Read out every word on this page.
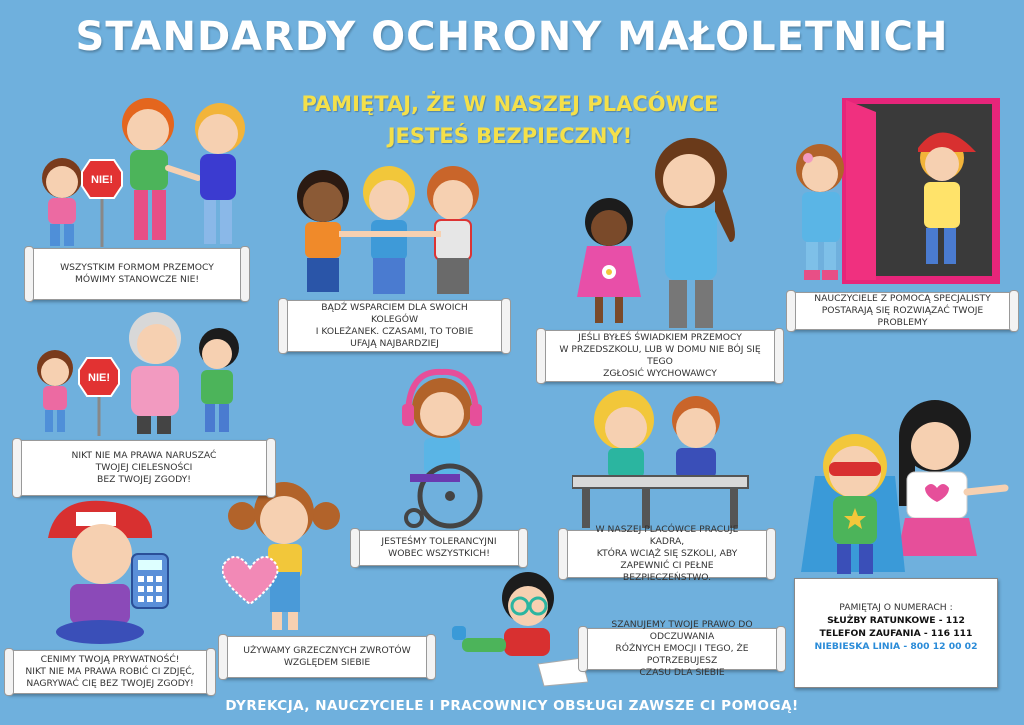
STANDARDY OCHRONY MAŁOLETNICH
PAMIĘTAJ, ŻE W NASZEJ PLACÓWCE
JESTEŚ BEZPIECZNY!
NIE!
NIE!
WSZYSTKIM FORMOM PRZEMOCY
MÓWIMY STANOWCZE NIE!
BĄDŹ WSPARCIEM DLA SWOICH KOLEGÓW
I KOLEŻANEK. CZASAMI, TO TOBIE
UFAJĄ NAJBARDZIEJ
JEŚLI BYŁEŚ ŚWIADKIEM PRZEMOCY
W PRZEDSZKOLU, LUB W DOMU NIE BÓJ SIĘ TEGO
ZGŁOSIĆ WYCHOWAWCY
NAUCZYCIELE Z POMOCĄ SPECJALISTY
POSTARAJĄ SIĘ ROZWIĄZAĆ TWOJE PROBLEMY
NIKT NIE MA PRAWA NARUSZAĆ
TWOJEJ CIELESNOŚCI
BEZ TWOJEJ ZGODY!
JESTEŚMY TOLERANCYJNI
WOBEC WSZYSTKICH!
W NASZEJ PLACÓWCE PRACUJE KADRA,
KTÓRA WCIĄŻ SIĘ SZKOLI, ABY
ZAPEWNIĆ CI PEŁNE BEZPIECZEŃSTWO.
CENIMY TWOJĄ PRYWATNOŚĆ!
NIKT NIE MA PRAWA ROBIĆ CI ZDJĘĆ,
NAGRYWAĆ CIĘ BEZ TWOJEJ ZGODY!
UŻYWAMY GRZECZNYCH ZWROTÓW
WZGLĘDEM SIEBIE
SZANUJEMY TWOJE PRAWO DO ODCZUWANIA
RÓŻNYCH EMOCJI I TEGO, ŻE POTRZEBUJESZ
CZASU DLA SIEBIE
PAMIĘTAJ O NUMERACH :
SŁUŻBY RATUNKOWE - 112
TELEFON ZAUFANIA - 116 111
NIEBIESKA LINIA - 800 12 00 02
DYREKCJA, NAUCZYCIELE I PRACOWNICY OBSŁUGI ZAWSZE CI POMOGĄ!
